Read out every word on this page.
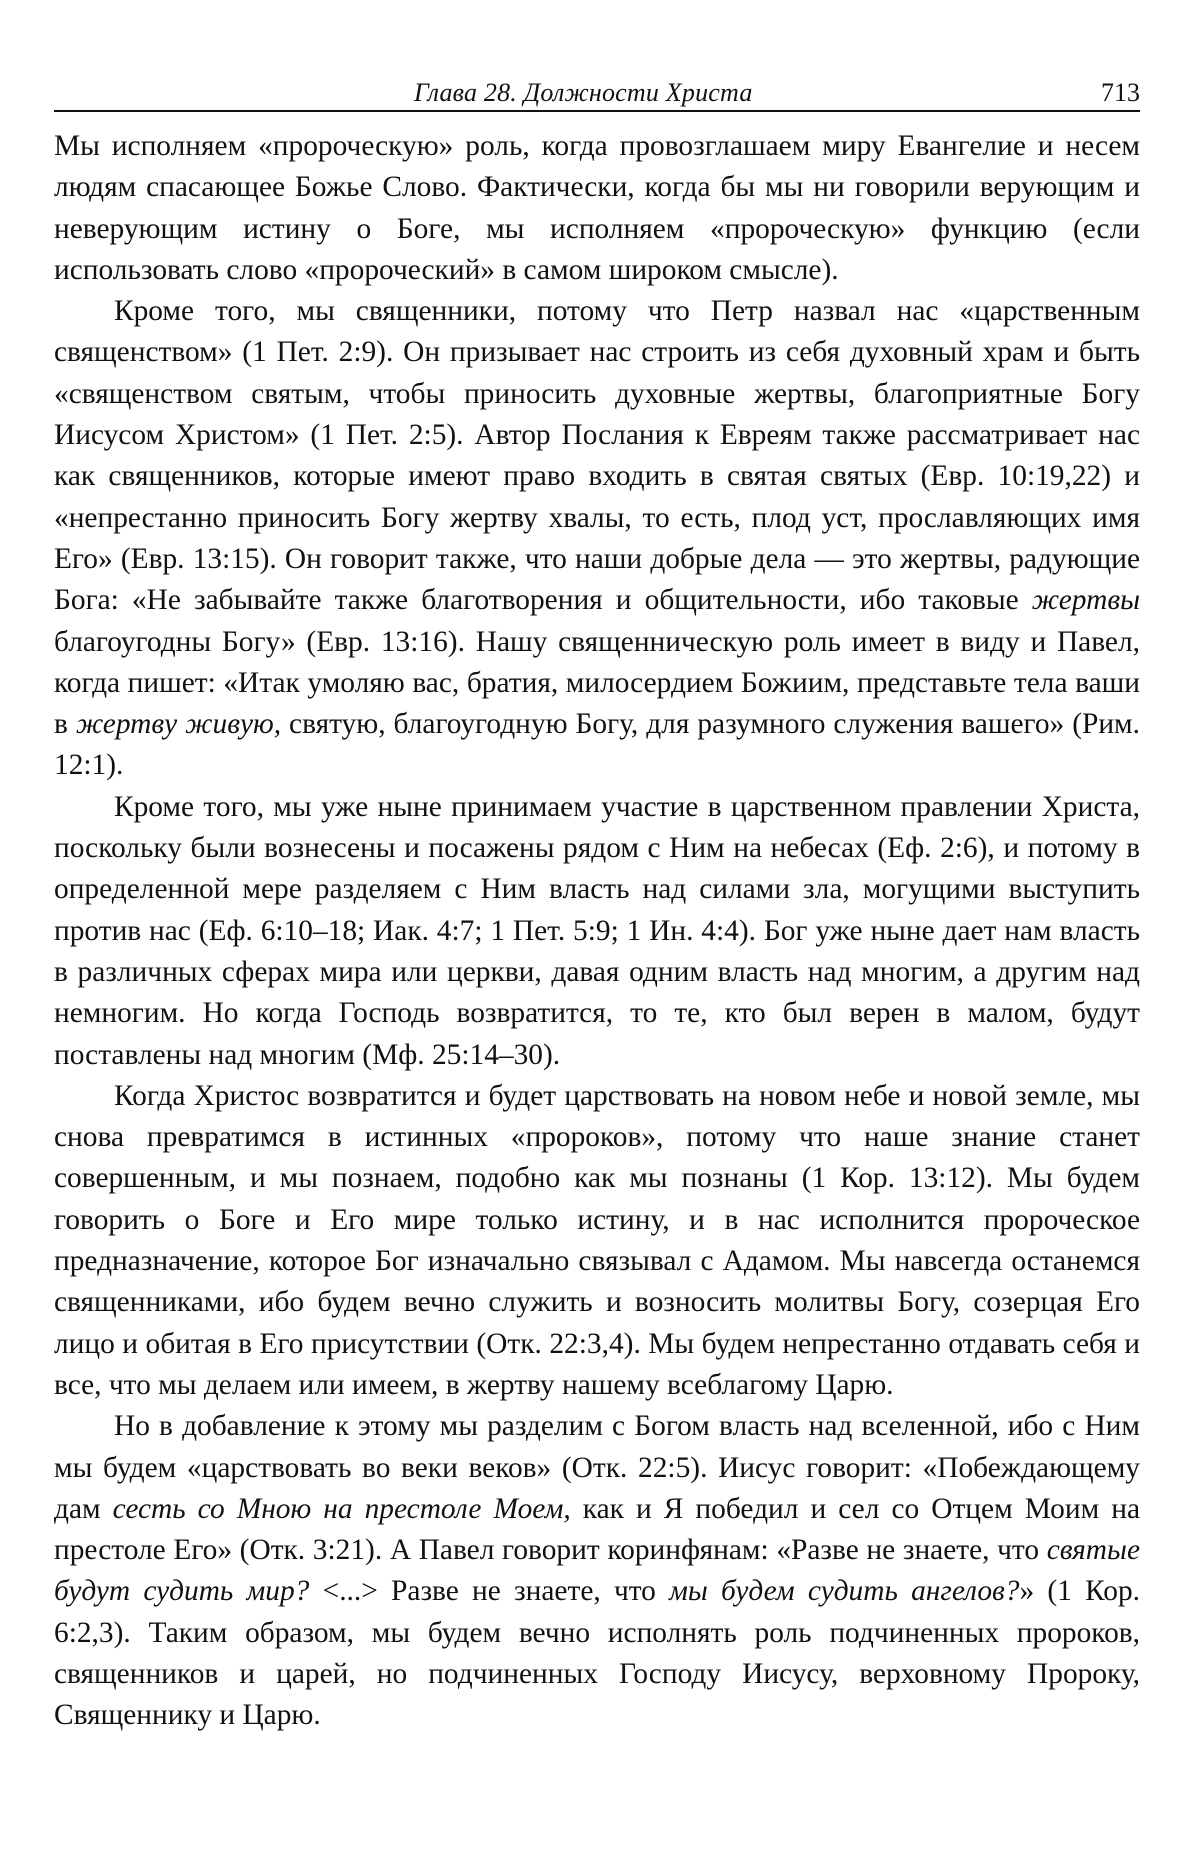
Глава 28. Должности Христа	713

Мы исполняем «пророческую» роль, когда провозглашаем миру Евангелие и несем людям спасающее Божье Слово. Фактически, когда бы мы ни говорили верующим и неверующим истину о Боге, мы исполняем «пророческую» функцию (если использовать слово «пророческий» в самом широком смысле).

Кроме того, мы священники, потому что Петр назвал нас «царственным священством» (1 Пет. 2:9). Он призывает нас строить из себя духовный храм и быть «священством святым, чтобы приносить духовные жертвы, благоприятные Богу Иисусом Христом» (1 Пет. 2:5). Автор Послания к Евреям также рассматривает нас как священников, которые имеют право входить в святая святых (Евр. 10:19,22) и «непрестанно приносить Богу жертву хвалы, то есть, плод уст, прославляющих имя Его» (Евр. 13:15). Он говорит также, что наши добрые дела — это жертвы, радующие Бога: «Не забывайте также благотворения и общительности, ибо таковые жертвы благоугодны Богу» (Евр. 13:16). Нашу священническую роль имеет в виду и Павел, когда пишет: «Итак умоляю вас, братия, милосердием Божиим, представьте тела ваши в жертву живую, святую, благоугодную Богу, для разумного служения вашего» (Рим. 12:1).

Кроме того, мы уже ныне принимаем участие в царственном правлении Христа, поскольку были вознесены и посажены рядом с Ним на небесах (Еф. 2:6), и потому в определенной мере разделяем с Ним власть над силами зла, могущими выступить против нас (Еф. 6:10–18; Иак. 4:7; 1 Пет. 5:9; 1 Ин. 4:4). Бог уже ныне дает нам власть в различных сферах мира или церкви, давая одним власть над многим, а другим над немногим. Но когда Господь возвратится, то те, кто был верен в малом, будут поставлены над многим (Мф. 25:14–30).

Когда Христос возвратится и будет царствовать на новом небе и новой земле, мы снова превратимся в истинных «пророков», потому что наше знание станет совершенным, и мы познаем, подобно как мы познаны (1 Кор. 13:12). Мы будем говорить о Боге и Его мире только истину, и в нас исполнится пророческое предназначение, которое Бог изначально связывал с Адамом. Мы навсегда останемся священниками, ибо будем вечно служить и возносить молитвы Богу, созерцая Его лицо и обитая в Его присутствии (Отк. 22:3,4). Мы будем непрестанно отдавать себя и все, что мы делаем или имеем, в жертву нашему всеблагому Царю.

Но в добавление к этому мы разделим с Богом власть над вселенной, ибо с Ним мы будем «царствовать во веки веков» (Отк. 22:5). Иисус говорит: «Побеждающему дам сесть со Мною на престоле Моем, как и Я победил и сел со Отцем Моим на престоле Его» (Отк. 3:21). А Павел говорит коринфянам: «Разве не знаете, что святые будут судить мир? <...> Разве не знаете, что мы будем судить ангелов?» (1 Кор. 6:2,3). Таким образом, мы будем вечно исполнять роль подчиненных пророков, священников и царей, но подчиненных Господу Иисусу, верховному Пророку, Священнику и Царю.
